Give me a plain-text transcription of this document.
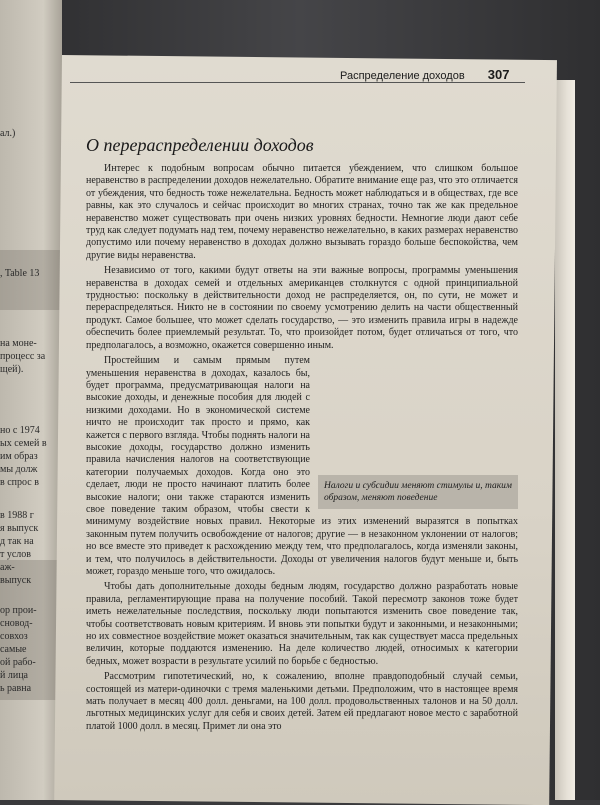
ал.)
, Table 13
на моне-
процесс за
щей).
но с 1974
ых семей в
им образ
мы долж
в спрос в
в 1988 г
я выпуск
д так на
т услов
аж-
выпуск
ор прои-
сновод-
совхоз
самые
ой рабо-
й лица
ь равна
Распределение доходов 307
О перераспределении доходов

Интерес к подобным вопросам обычно питается убеждением, что слишком большое неравенство в распределении доходов нежелательно. Обратите внимание еще раз, что это отличается от убеждения, что бедность тоже нежелательна. Бедность может наблюдаться и в обществах, где все равны, как это случалось и сейчас происходит во многих странах, точно так же как предельное неравенство может существовать при очень низких уровнях бедности. Немногие люди дают себе труд как следует подумать над тем, почему неравенство нежелательно, в каких размерах неравенство допустимо или почему неравенство в доходах должно вызывать гораздо больше беспокойства, чем другие виды неравенства.

Независимо от того, какими будут ответы на эти важные вопросы, программы уменьшения неравенства в доходах семей и отдельных американцев столкнутся с одной принципиальной трудностью: поскольку в действительности доход не распределяется, он, по сути, не может и перераспределяться. Никто не в состоянии по своему усмотрению делить на части общественный продукт. Самое большее, что может сделать государство, — это изменить правила игры в надежде обеспечить более приемлемый результат. То, что произойдет потом, будет отличаться от того, что предполагалось, а возможно, окажется совершенно иным.

Налоги и субсидии меняют стимулы и, таким образом, меняют поведение

Простейшим и самым прямым путем уменьшения неравенства в доходах, казалось бы, будет программа, предусматривающая налоги на высокие доходы, и денежные пособия для людей с низкими доходами. Но в экономической системе ничто не происходит так просто и прямо, как кажется с первого взгляда. Чтобы поднять налоги на высокие доходы, государство должно изменить правила начисления налогов на соответствующие категории получаемых доходов. Когда оно это сделает, люди не просто начинают платить более высокие налоги; они также стараются изменить свое поведение таким образом, чтобы свести к минимуму воздействие новых правил. Некоторые из этих изменений выразятся в попытках законным путем получить освобождение от налогов; другие — в незаконном уклонении от налогов; но все вместе это приведет к расхождению между тем, что предполагалось, когда изменяли законы, и тем, что получилось в действительности. Доходы от увеличения налогов будут меньше и, быть может, гораздо меньше того, что ожидалось.

Чтобы дать дополнительные доходы бедным людям, государство должно разработать новые правила, регламентирующие права на получение пособий. Такой пересмотр законов тоже будет иметь нежелательные последствия, поскольку люди попытаются изменить свое поведение так, чтобы соответствовать новым критериям. И вновь эти попытки будут и законными, и незаконными; но их совместное воздействие может оказаться значительным, так как существует масса предельных величин, которые поддаются изменению. На деле количество людей, относимых к категории бедных, может возрасти в результате усилий по борьбе с бедностью.

Рассмотрим гипотетический, но, к сожалению, вполне правдоподобный случай семьи, состоящей из матери-одиночки с тремя маленькими детьми. Предположим, что в настоящее время мать получает в месяц 400 долл. деньгами, на 100 долл. продовольственных талонов и на 50 долл. льготных медицинских услуг для себя и своих детей. Затем ей предлагают новое место с заработной платой 1000 долл. в месяц. Примет ли она это
